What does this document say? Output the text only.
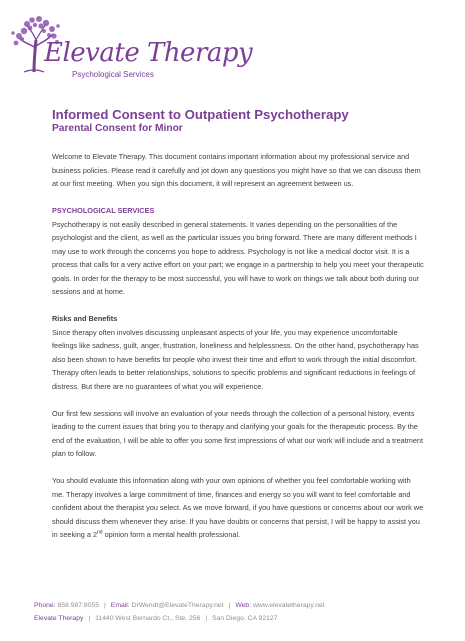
Elevate Therapy
Psychological Services
Informed Consent to Outpatient Psychotherapy
Parental Consent for Minor

Welcome to Elevate Therapy. This document contains important information about my professional service and business policies. Please read it carefully and jot down any questions you might have so that we can discuss them at our first meeting. When you sign this document, it will represent an agreement between us.

PSYCHOLOGICAL SERVICES

Psychotherapy is not easily described in general statements. It varies depending on the personalities of the psychologist and the client, as well as the particular issues you bring forward. There are many different methods I may use to work through the concerns you hope to address. Psychology is not like a medical doctor visit. It is a process that calls for a very active effort on your part; we engage in a partnership to help you meet your therapeutic goals. In order for the therapy to be most successful, you will have to work on things we talk about both during our sessions and at home.

Risks and Benefits

Since therapy often involves discussing unpleasant aspects of your life, you may experience uncomfortable feelings like sadness, guilt, anger, frustration, loneliness and helplessness. On the other hand, psychotherapy has also been shown to have benefits for people who invest their time and effort to work through the initial discomfort. Therapy often leads to better relationships, solutions to specific problems and significant reductions in feelings of distress. But there are no guarantees of what you will experience.

Our first few sessions will involve an evaluation of your needs through the collection of a personal history, events leading to the current issues that bring you to therapy and clarifying your goals for the therapeutic process. By the end of the evaluation, I will be able to offer you some first impressions of what our work will include and a treatment plan to follow.

You should evaluate this information along with your own opinions of whether you feel comfortable working with me. Therapy involves a large commitment of time, finances and energy so you will want to feel comfortable and confident about the therapist you select. As we move forward, if you have questions or concerns about our work we should discuss them whenever they arise. If you have doubts or concerns that persist, I will be happy to assist you in seeking a 2nd opinion form a mental health professional.

Phone: 858.987.8055 | Email: DrWendt@ElevateTherapy.net | Web: www.elevatetherapy.net
Elevate Therapy | 11440 West Bernardo Ct., Ste. 256 | San Diego, CA 92127
